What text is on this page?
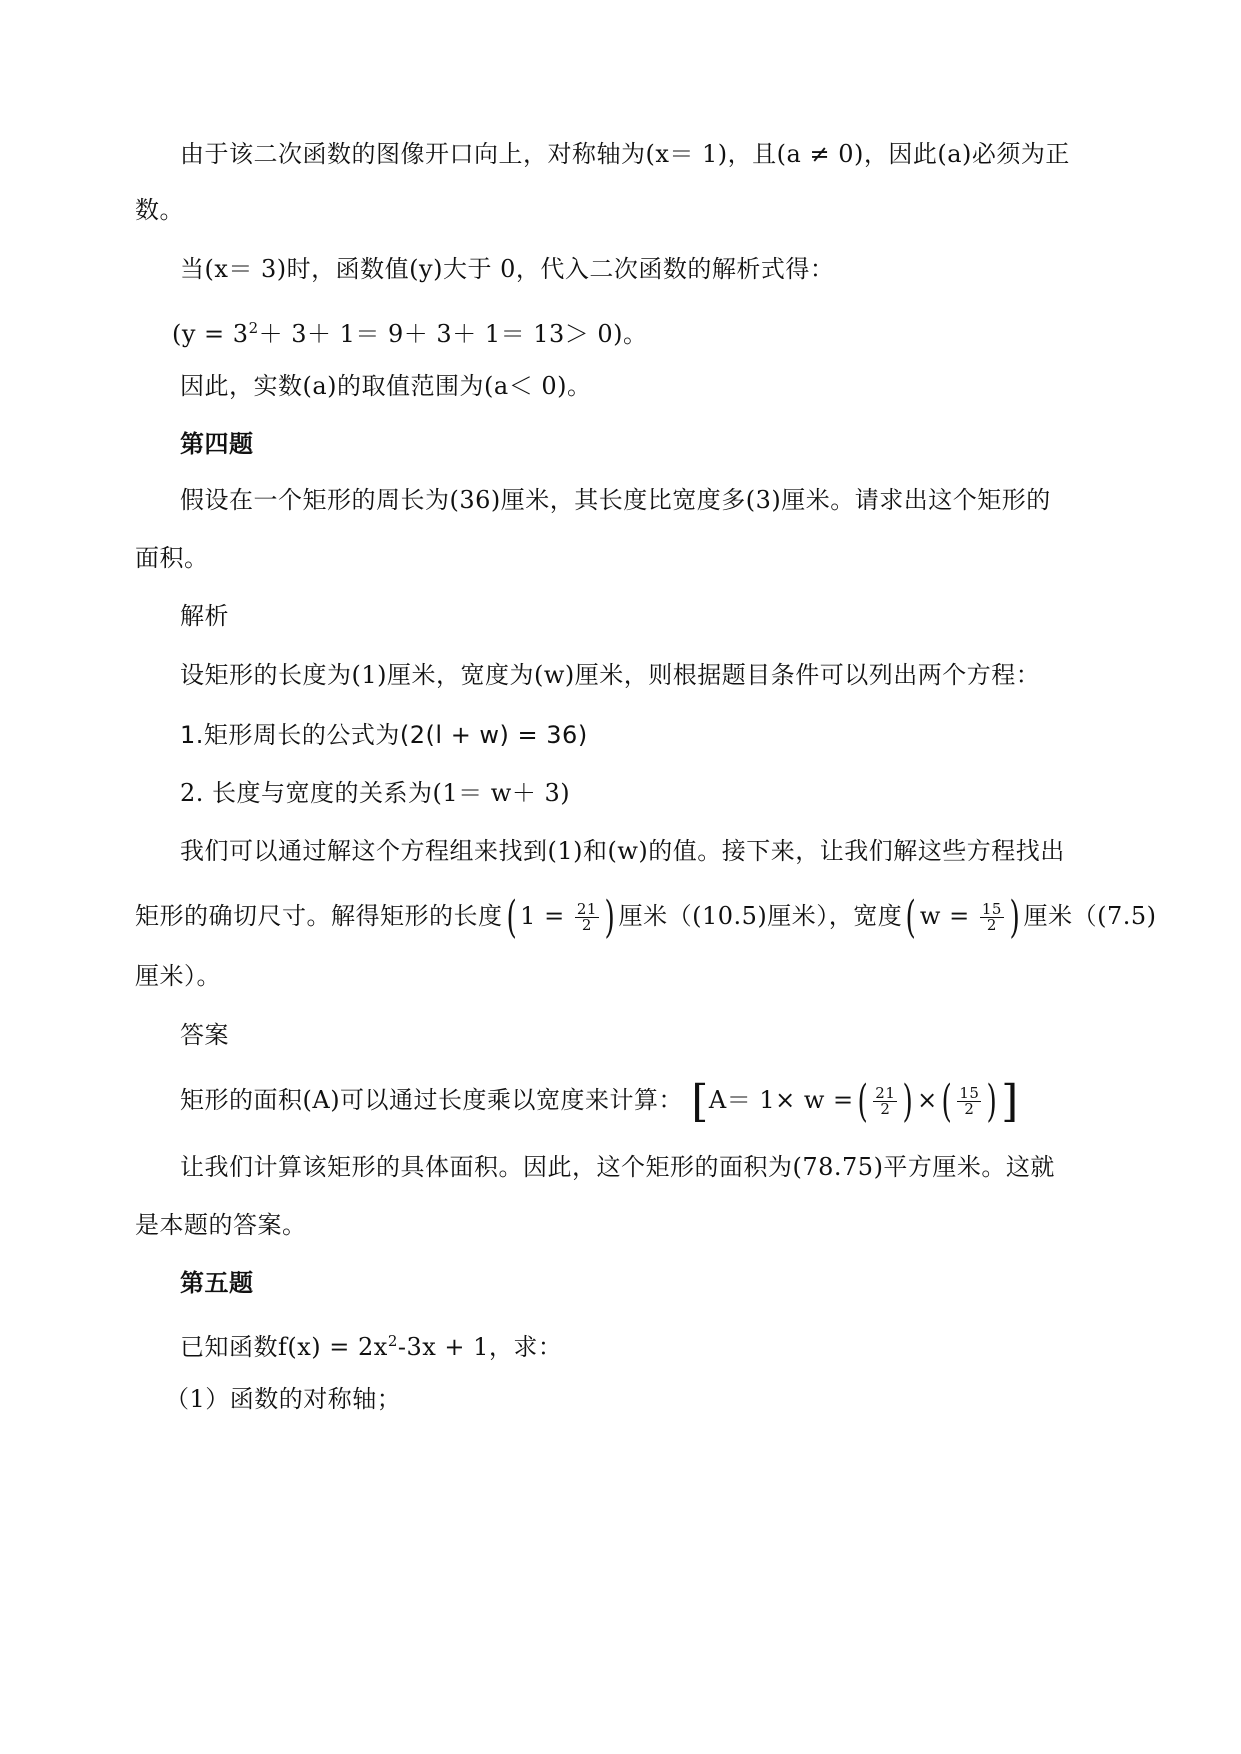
由于该二次函数的图像开口向上，对称轴为(x＝ 1)，且(a ≠ 0)，因此(a)必须为正
数。
当(x＝ 3)时，函数值(y)大于 0，代入二次函数的解析式得：
$(y = 3^2+ 3+ 1= 9+ 3+ 1= 13> 0)$。
因此，实数(a)的取值范围为(a＜ 0)。
第四题
假设在一个矩形的周长为(36)厘米，其长度比宽度多(3)厘米。请求出这个矩形的
面积。
解析
设矩形的长度为(1)厘米，宽度为(w)厘米，则根据题目条件可以列出两个方程：
1.矩形周长的公式为(2(l + w) = 36)
2. 长度与宽度的关系为(1＝ w＋ 3)
我们可以通过解这个方程组来找到(1)和(w)的值。接下来，让我们解这些方程找出
矩形的确切尺寸。解得矩形的长度( $1 = \frac{21}{2}$ ) 厘米（(10.5)厘米），宽度( $w = \frac{15}{2}$ ) 厘米（(7.5)
厘米）。
答案
矩形的面积(A)可以通过长度乘以宽度来计算： [A＝ 1× w =( $\frac{21}{2}$ ) ×( $\frac{15}{2}$ )]
让我们计算该矩形的具体面积。因此，这个矩形的面积为(78.75)平方厘米。这就
是本题的答案。
第五题
已知函数$f(x) = 2x^2-3x + 1$，求：
（1）函数的对称轴；
